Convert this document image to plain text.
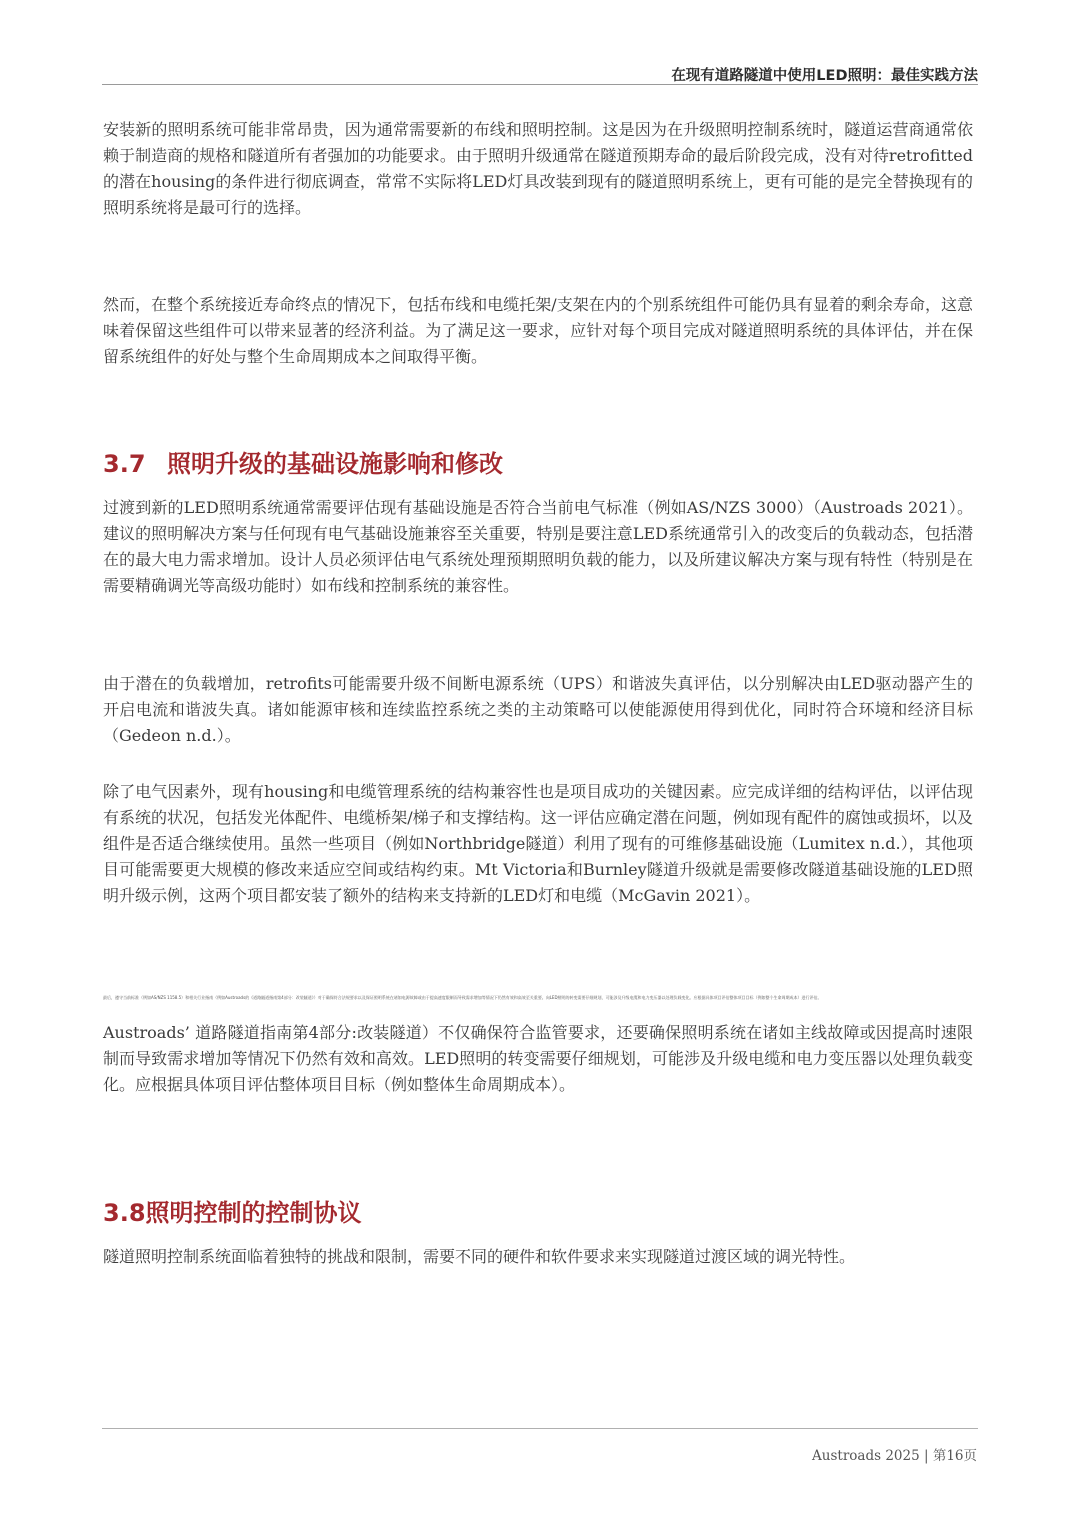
在现有道路隧道中使用LED照明：最佳实践方法

安装新的照明系统可能非常昂贵，因为通常需要新的布线和照明控制。这是因为在升级照明控制系统时，隧道运营商通常依赖于制造商的规格和隧道所有者强加的功能要求。由于照明升级通常在隧道预期寿命的最后阶段完成，没有对待retrofitted的潜在housing的条件进行彻底调查，常常不实际将LED灯具改装到现有的隧道照明系统上，更有可能的是完全替换现有的照明系统将是最可行的选择。

然而，在整个系统接近寿命终点的情况下，包括布线和电缆托架/支架在内的个别系统组件可能仍具有显着的剩余寿命，这意味着保留这些组件可以带来显著的经济利益。为了满足这一要求，应针对每个项目完成对隧道照明系统的具体评估，并在保留系统组件的好处与整个生命周期成本之间取得平衡。

3.7 照明升级的基础设施影响和修改

过渡到新的LED照明系统通常需要评估现有基础设施是否符合当前电气标准（例如AS/NZS 3000）（Austroads 2021）。建议的照明解决方案与任何现有电气基础设施兼容至关重要，特别是要注意LED系统通常引入的改变后的负载动态，包括潜在的最大电力需求增加。设计人员必须评估电气系统处理预期照明负载的能力，以及所建议解决方案与现有特性（特别是在需要精确调光等高级功能时）如布线和控制系统的兼容性。

由于潜在的负载增加，retrofits可能需要升级不间断电源系统（UPS）和谐波失真评估，以分别解决由LED驱动器产生的开启电流和谐波失真。诸如能源审核和连续监控系统之类的主动策略可以使能源使用得到优化，同时符合环境和经济目标（Gedeon n.d.）。

除了电气因素外，现有housing和电缆管理系统的结构兼容性也是项目成功的关键因素。应完成详细的结构评估，以评估现有系统的状况，包括发光体配件、电缆桥架/梯子和支撑结构。这一评估应确定潜在问题，例如现有配件的腐蚀或损坏，以及组件是否适合继续使用。虽然一些项目（例如Northbridge隧道）利用了现有的可维修基础设施（Lumitex n.d.），其他项目可能需要更大规模的修改来适应空间或结构约束。Mt Victoria和Burnley隧道升级就是需要修改隧道基础设施的LED照明升级示例，这两个项目都安装了额外的结构来支持新的LED灯和电缆（McGavin 2021）。

最后，遵守当前标准（例如AS/NZS 1158.5）和相关行业指南（例如Austroads的《道路隧道指南第4部分：改装隧道》）对于确保符合法规要求以及保证照明系统在诸如电源故障或由于提高速度限制而导致需求增加等情况下仍然有效和高效至关重要。向LED照明的转变需要仔细规划，可能涉及升级电缆和电力变压器以处理负载变化。应根据具体项目评估整体项目目标（例如整个生命周期成本）进行评估。

Austroads’ 道路隧道指南第4部分:改装隧道）不仅确保符合监管要求，还要确保照明系统在诸如主线故障或因提高时速限制而导致需求增加等情况下仍然有效和高效。LED照明的转变需要仔细规划，可能涉及升级电缆和电力变压器以处理负载变化。应根据具体项目评估整体项目目标（例如整体生命周期成本）。

3.8照明控制的控制协议

隧道照明控制系统面临着独特的挑战和限制，需要不同的硬件和软件要求来实现隧道过渡区域的调光特性。

Austroads 2025 | 第16页
